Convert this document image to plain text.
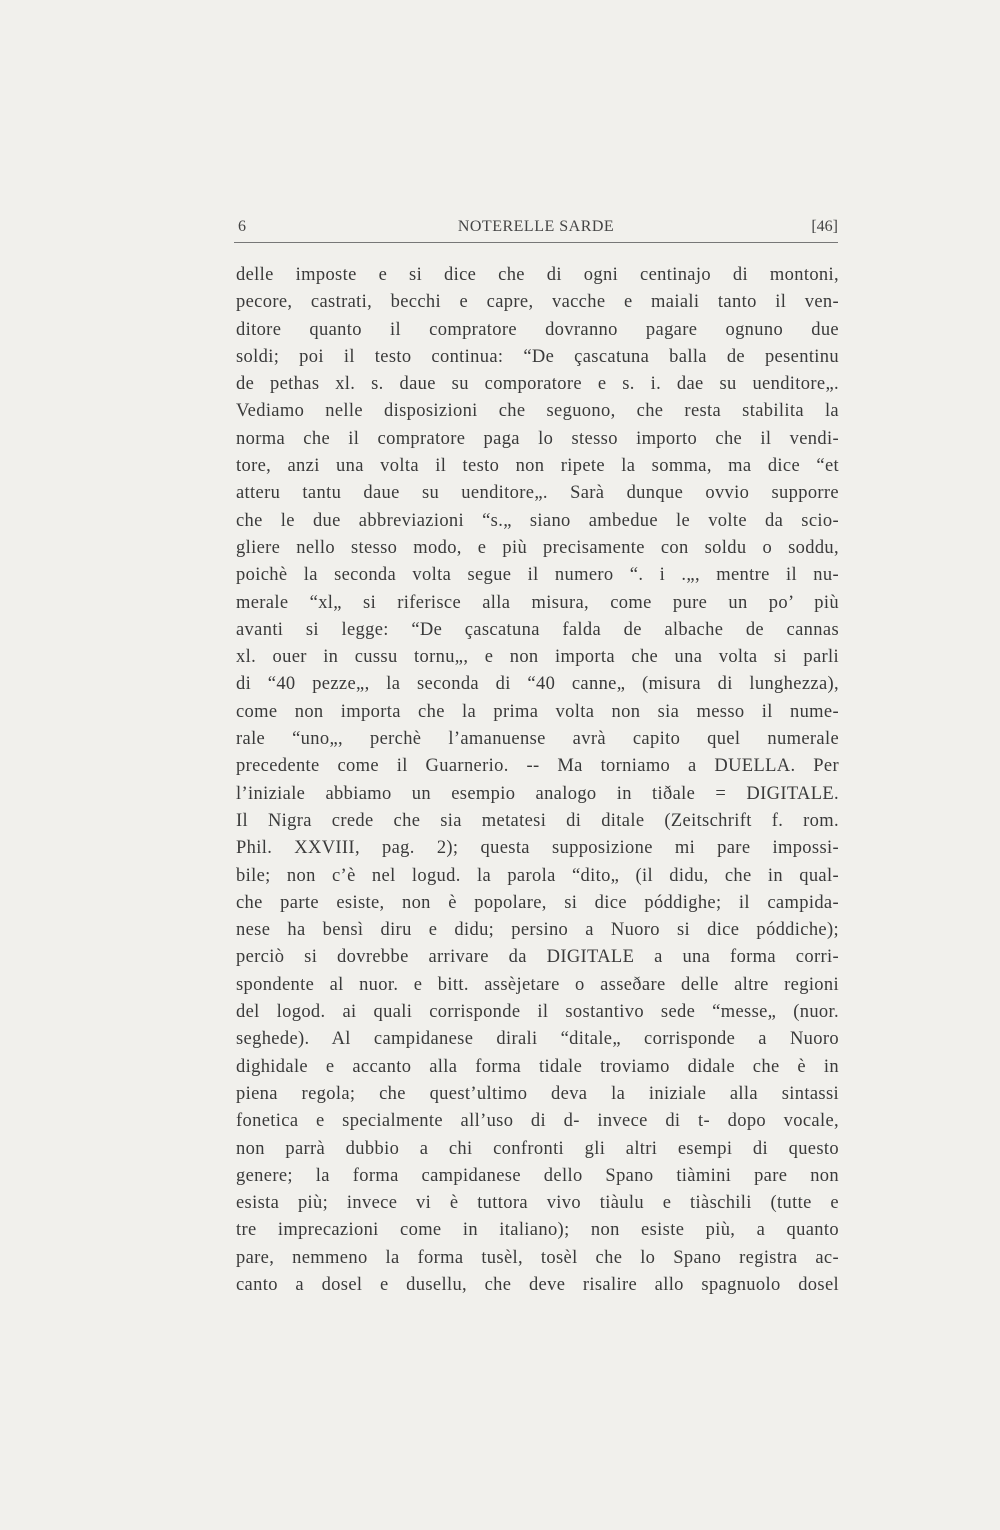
6	NOTERELLE SARDE	[46]
delle imposte e si dice che di ogni centinajo di montoni,
pecore, castrati, becchi e capre, vacche e maiali tanto il ven-
ditore quanto il compratore dovranno pagare ognuno due
soldi; poi il testo continua: “De çascatuna balla de pesentinu
de pethas xl. s. daue su comporatore e s. i. dae su uenditore„.
Vediamo nelle disposizioni che seguono, che resta stabilita la
norma che il compratore paga lo stesso importo che il vendi-
tore, anzi una volta il testo non ripete la somma, ma dice “et
atteru tantu daue su uenditore„. Sarà dunque ovvio supporre
che le due abbreviazioni “s.„ siano ambedue le volte da scio-
gliere nello stesso modo, e più precisamente con soldu o soddu,
poichè la seconda volta segue il numero “. i .„, mentre il nu-
merale “xl„ si riferisce alla misura, come pure un po’ più
avanti si legge: “De çascatuna falda de albache de cannas
xl. ouer in cussu tornu„, e non importa che una volta si parli
di “40 pezze„, la seconda di “40 canne„ (misura di lunghezza),
come non importa che la prima volta non sia messo il nume-
rale “uno„, perchè l’amanuense avrà capito quel numerale
precedente come il Guarnerio. -- Ma torniamo a DUELLA. Per
l’iniziale abbiamo un esempio analogo in tiðale = DIGITALE.
Il Nigra crede che sia metatesi di ditale (Zeitschrift f. rom.
Phil. XXVIII, pag. 2); questa supposizione mi pare impossi-
bile; non c’è nel logud. la parola “dito„ (il didu, che in qual-
che parte esiste, non è popolare, si dice póddighe; il campida-
nese ha bensì diru e didu; persino a Nuoro si dice póddiche);
perciò si dovrebbe arrivare da DIGITALE a una forma corri-
spondente al nuor. e bitt. assèjetare o asseðare delle altre regioni
del logod. ai quali corrisponde il sostantivo sede “messe„ (nuor.
seghede). Al campidanese dirali “ditale„ corrisponde a Nuoro
dighidale e accanto alla forma tidale troviamo didale che è in
piena regola; che quest’ultimo deva la iniziale alla sintassi
fonetica e specialmente all’uso di d- invece di t- dopo vocale,
non parrà dubbio a chi confronti gli altri esempi di questo
genere; la forma campidanese dello Spano tiàmini pare non
esista più; invece vi è tuttora vivo tiàulu e tiàschili (tutte e
tre imprecazioni come in italiano); non esiste più, a quanto
pare, nemmeno la forma tusèl, tosèl che lo Spano registra ac-
canto a dosel e dusellu, che deve risalire allo spagnuolo dosel
